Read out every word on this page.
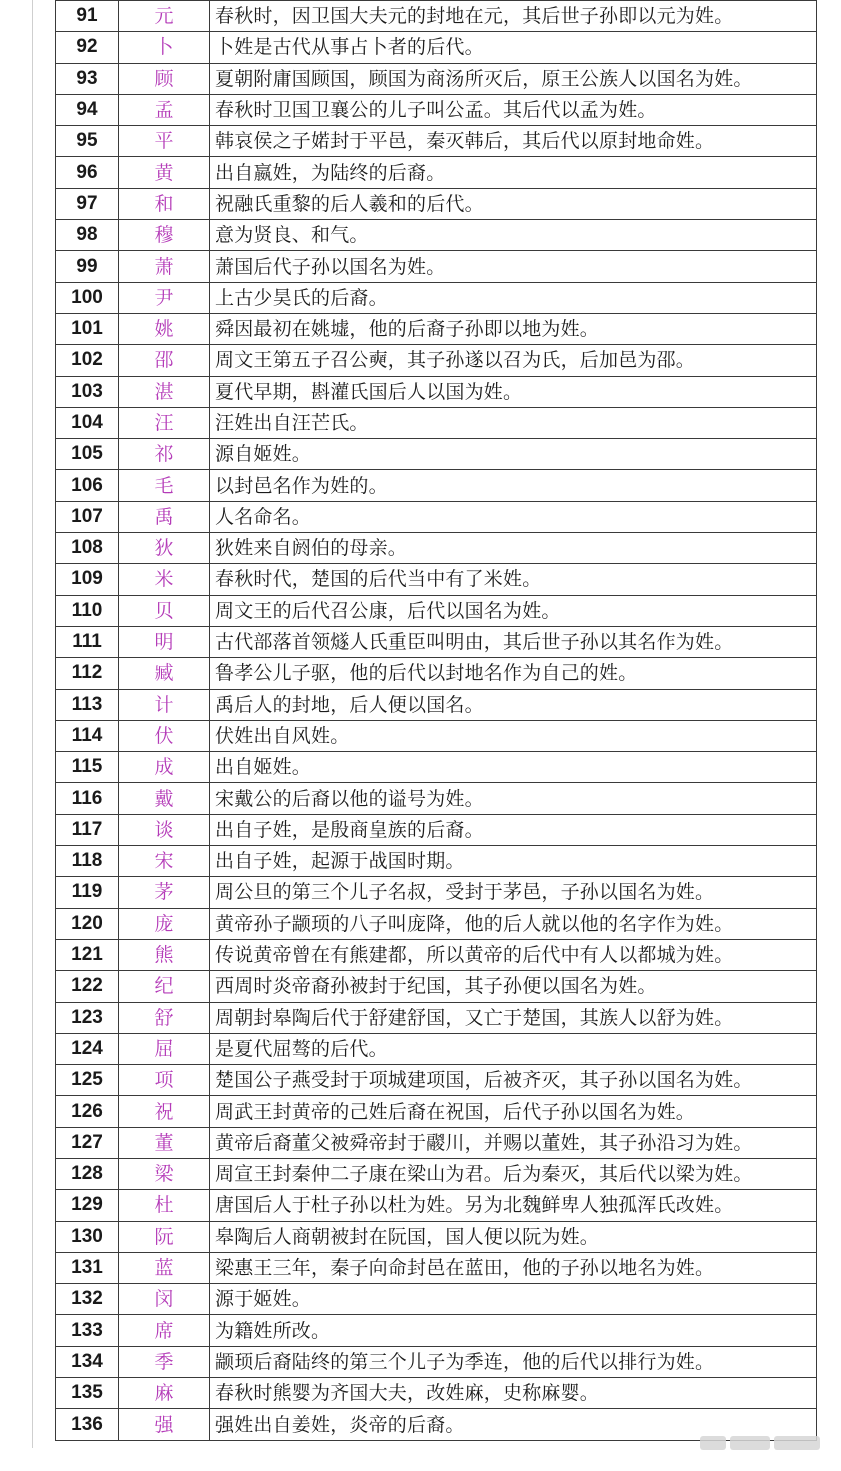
91	元	春秋时，因卫国大夫元的封地在元，其后世子孙即以元为姓。
92	卜	卜姓是古代从事占卜者的后代。
93	顾	夏朝附庸国顾国，顾国为商汤所灭后，原王公族人以国名为姓。
94	孟	春秋时卫国卫襄公的儿子叫公孟。其后代以孟为姓。
95	平	韩哀侯之子婼封于平邑，秦灭韩后，其后代以原封地命姓。
96	黄	出自嬴姓，为陆终的后裔。
97	和	祝融氏重黎的后人羲和的后代。
98	穆	意为贤良、和气。
99	萧	萧国后代子孙以国名为姓。
100	尹	上古少昊氏的后裔。
101	姚	舜因最初在姚墟，他的后裔子孙即以地为姓。
102	邵	周文王第五子召公奭，其子孙遂以召为氏，后加邑为邵。
103	湛	夏代早期，斟灌氏国后人以国为姓。
104	汪	汪姓出自汪芒氏。
105	祁	源自姬姓。
106	毛	以封邑名作为姓的。
107	禹	人名命名。
108	狄	狄姓来自阏伯的母亲。
109	米	春秋时代，楚国的后代当中有了米姓。
110	贝	周文王的后代召公康，后代以国名为姓。
111	明	古代部落首领燧人氏重臣叫明由，其后世子孙以其名作为姓。
112	臧	鲁孝公儿子驱，他的后代以封地名作为自己的姓。
113	计	禹后人的封地，后人便以国名。
114	伏	伏姓出自风姓。
115	成	出自姬姓。
116	戴	宋戴公的后裔以他的谥号为姓。
117	谈	出自子姓，是殷商皇族的后裔。
118	宋	出自子姓，起源于战国时期。
119	茅	周公旦的第三个儿子名叔，受封于茅邑，子孙以国名为姓。
120	庞	黄帝孙子颛顼的八子叫庞降，他的后人就以他的名字作为姓。
121	熊	传说黄帝曾在有熊建都，所以黄帝的后代中有人以都城为姓。
122	纪	西周时炎帝裔孙被封于纪国，其子孙便以国名为姓。
123	舒	周朝封皋陶后代于舒建舒国，又亡于楚国，其族人以舒为姓。
124	屈	是夏代屈骜的后代。
125	项	楚国公子燕受封于项城建项国，后被齐灭，其子孙以国名为姓。
126	祝	周武王封黄帝的己姓后裔在祝国，后代子孙以国名为姓。
127	董	黄帝后裔董父被舜帝封于鬷川，并赐以董姓，其子孙沿习为姓。
128	梁	周宣王封秦仲二子康在梁山为君。后为秦灭，其后代以梁为姓。
129	杜	唐国后人于杜子孙以杜为姓。另为北魏鲜卑人独孤浑氏改姓。
130	阮	皋陶后人商朝被封在阮国，国人便以阮为姓。
131	蓝	梁惠王三年，秦子向命封邑在蓝田，他的子孙以地名为姓。
132	闵	源于姬姓。
133	席	为籍姓所改。
134	季	颛顼后裔陆终的第三个儿子为季连，他的后代以排行为姓。
135	麻	春秋时熊婴为齐国大夫，改姓麻，史称麻婴。
136	强	强姓出自姜姓，炎帝的后裔。
